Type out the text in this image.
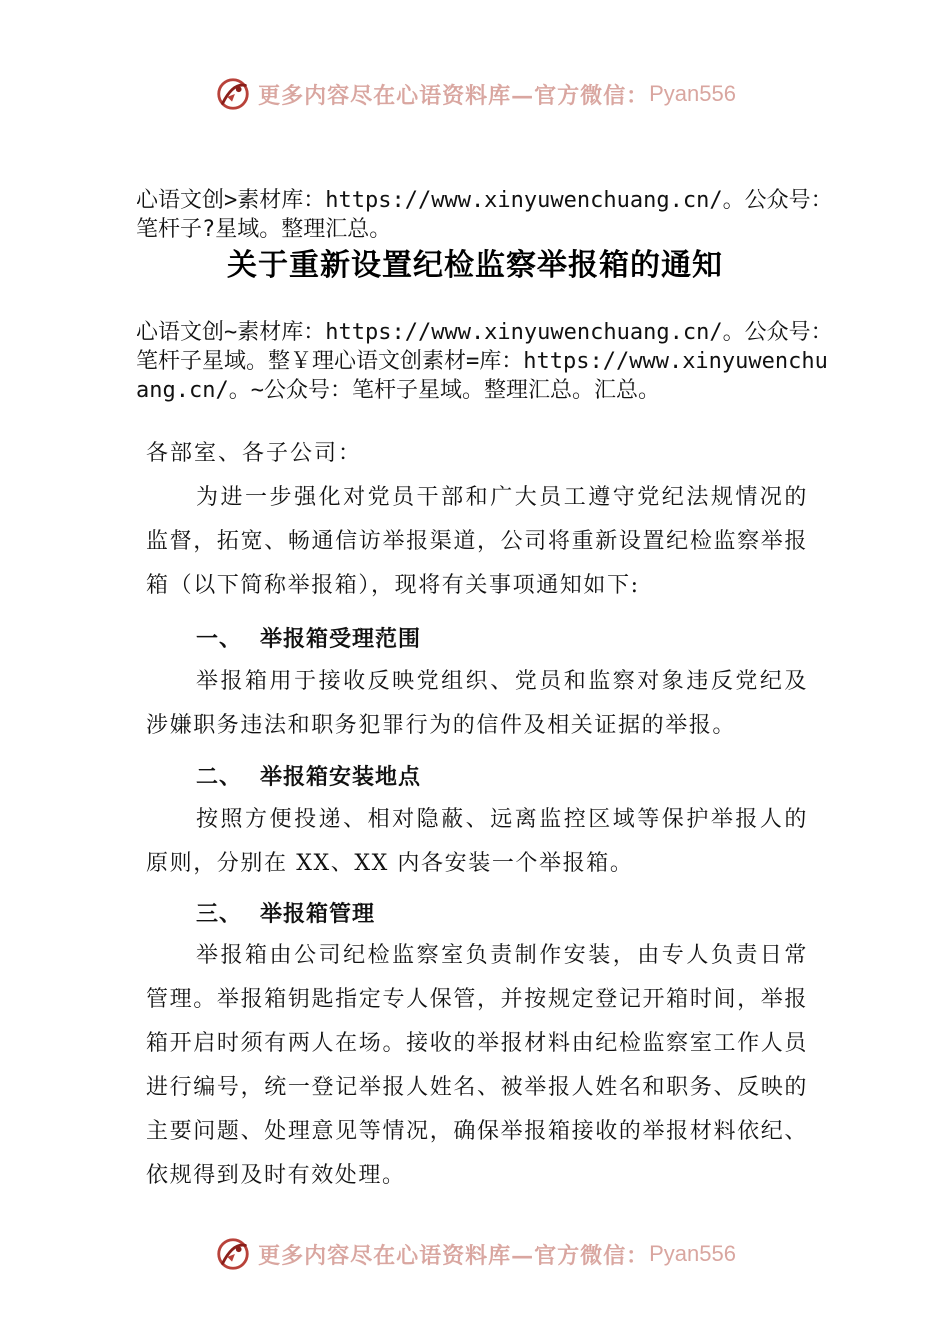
更多内容尽在心语资料库—官方微信： Pyan556
心语文创>素材库：https://www.xinyuwenchuang.cn/。公众号：笔杆子?星域。整理汇总。
关于重新设置纪检监察举报箱的通知
心语文创~素材库：https://www.xinyuwenchuang.cn/。公众号：笔杆子星域。整￥理心语文创素材=库：https://www.xinyuwenchuang.cn/。~公众号：笔杆子星域。整理汇总。汇总。
各部室、各子公司：
为进一步强化对党员干部和广大员工遵守党纪法规情况的监督，拓宽、畅通信访举报渠道，公司将重新设置纪检监察举报箱（以下简称举报箱），现将有关事项通知如下:
一、 举报箱受理范围
举报箱用于接收反映党组织、党员和监察对象违反党纪及涉嫌职务违法和职务犯罪行为的信件及相关证据的举报。
二、 举报箱安装地点
按照方便投递、相对隐蔽、远离监控区域等保护举报人的原则，分别在 XX、XX 内各安装一个举报箱。
三、 举报箱管理
举报箱由公司纪检监察室负责制作安装，由专人负责日常管理。举报箱钥匙指定专人保管，并按规定登记开箱时间，举报箱开启时须有两人在场。接收的举报材料由纪检监察室工作人员进行编号，统一登记举报人姓名、被举报人姓名和职务、反映的主要问题、处理意见等情况，确保举报箱接收的举报材料依纪、依规得到及时有效处理。
更多内容尽在心语资料库—官方微信： Pyan556
